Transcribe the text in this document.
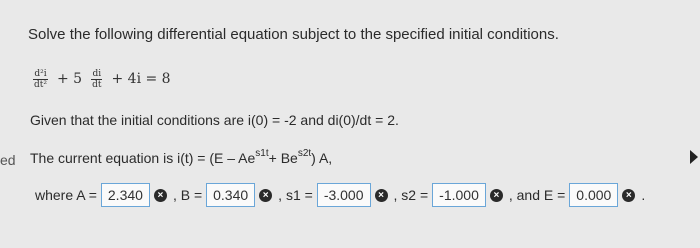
ed
Solve the following differential equation subject to the specified initial conditions.
$\frac{\text{d²i}}{\text{dt²}} + 5 \frac{di}{dt} + 4i = 8$
Given that the initial conditions are i(0) = -2 and di(0)/dt = 2.
The current equation is i(t) = (E – Ae s1t + Be s2t ) A,
where A = 2.340	× , B = 0.340	× , s1 = -3.000	× , s2 = -1.000	× , and E = 0.000	× .
